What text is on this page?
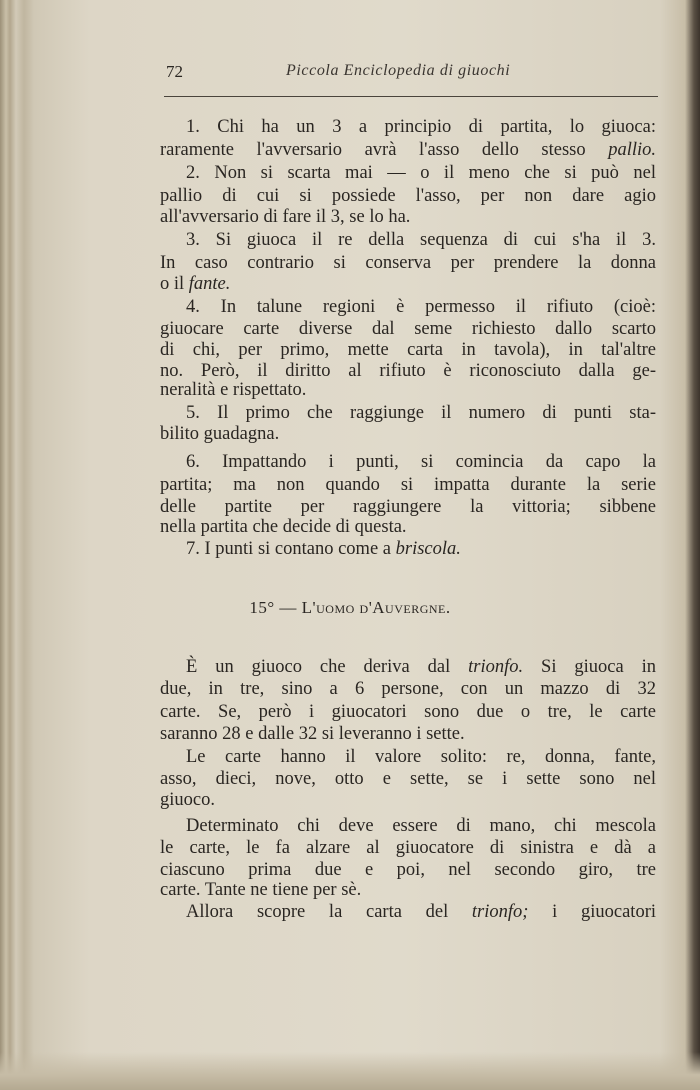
72	Piccola Enciclopedia di giuochi
1. Chi ha un 3 a principio di partita, lo giuoca:
raramente l'avversario avrà l'asso dello stesso pallio.
2. Non si scarta mai — o il meno che si può nel
pallio di cui si possiede l'asso, per non dare agio
all'avversario di fare il 3, se lo ha.
3. Si giuoca il re della sequenza di cui s'ha il 3.
In caso contrario si conserva per prendere la donna
o il fante.
4. In talune regioni è permesso il rifiuto (cioè:
giuocare carte diverse dal seme richiesto dallo scarto
di chi, per primo, mette carta in tavola), in tal'altre
no. Però, il diritto al rifiuto è riconosciuto dalla ge-
neralità e rispettato.
5. Il primo che raggiunge il numero di punti sta-
bilito guadagna.
6. Impattando i punti, si comincia da capo la
partita; ma non quando si impatta durante la serie
delle partite per raggiungere la vittoria; sibbene
nella partita che decide di questa.
7. I punti si contano come a briscola.
15° — L'uomo d'Auvergne.
È un giuoco che deriva dal trionfo. Si giuoca in
due, in tre, sino a 6 persone, con un mazzo di 32
carte. Se, però i giuocatori sono due o tre, le carte
saranno 28 e dalle 32 si leveranno i sette.
Le carte hanno il valore solito: re, donna, fante,
asso, dieci, nove, otto e sette, se i sette sono nel
giuoco.
Determinato chi deve essere di mano, chi mescola
le carte, le fa alzare al giuocatore di sinistra e dà a
ciascuno prima due e poi, nel secondo giro, tre
carte. Tante ne tiene per sè.
Allora scopre la carta del trionfo; i giuocatori
